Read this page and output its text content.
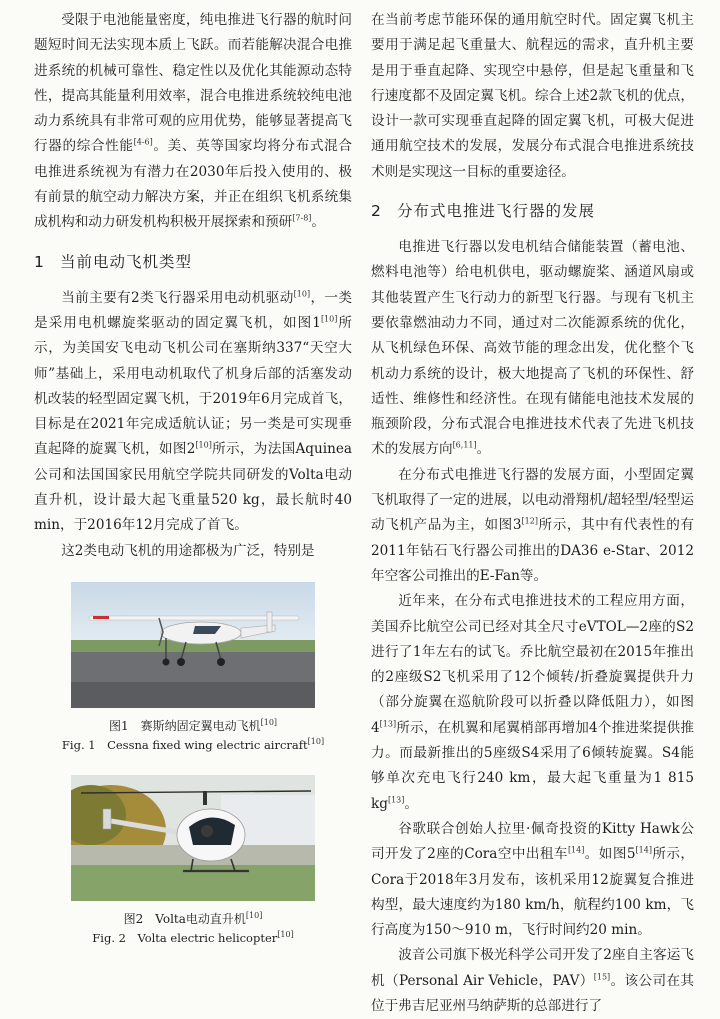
受限于电池能量密度，纯电推进飞行器的航时问题短时间无法实现本质上飞跃。而若能解决混合电推进系统的机械可靠性、稳定性以及优化其能源动态特性，提高其能量利用效率，混合电推进系统较纯电池动力系统具有非常可观的应用优势，能够显著提高飞行器的综合性能[4-6]。美、英等国家均将分布式混合电推进系统视为有潜力在2030年后投入使用的、极有前景的航空动力解决方案，并正在组织飞机系统集成机构和动力研发机构积极开展探索和预研[7-8]。

1 当前电动飞机类型

当前主要有2类飞行器采用电动机驱动[10]，一类是采用电机螺旋桨驱动的固定翼飞机，如图1[10]所示，为美国安飞电动飞机公司在塞斯纳337“天空大师”基础上，采用电动机取代了机身后部的活塞发动机改装的轻型固定翼飞机，于2019年6月完成首飞，目标是在2021年完成适航认证；另一类是可实现垂直起降的旋翼飞机，如图2[10]所示，为法国Aquinea公司和法国国家民用航空学院共同研发的Volta电动直升机，设计最大起飞重量520 kg，最长航时40 min，于2016年12月完成了首飞。

这2类电动飞机的用途都极为广泛，特别是

图1　赛斯纳固定翼电动飞机[10]
Fig. 1　Cessna fixed wing electric aircraft[10]
图2　Volta电动直升机[10]
Fig. 2　Volta electric helicopter[10]

在当前考虑节能环保的通用航空时代。固定翼飞机主要用于满足起飞重量大、航程远的需求，直升机主要是用于垂直起降、实现空中悬停，但是起飞重量和飞行速度都不及固定翼飞机。综合上述2款飞机的优点，设计一款可实现垂直起降的固定翼飞机，可极大促进通用航空技术的发展，发展分布式混合电推进系统技术则是实现这一目标的重要途径。

2 分布式电推进飞行器的发展

电推进飞行器以发电机结合储能装置（蓄电池、燃料电池等）给电机供电，驱动螺旋桨、涵道风扇或其他装置产生飞行动力的新型飞行器。与现有飞机主要依靠燃油动力不同，通过对二次能源系统的优化，从飞机绿色环保、高效节能的理念出发，优化整个飞机动力系统的设计，极大地提高了飞机的环保性、舒适性、维修性和经济性。在现有储能电池技术发展的瓶颈阶段，分布式混合电推进技术代表了先进飞机技术的发展方向[6,11]。

在分布式电推进飞行器的发展方面，小型固定翼飞机取得了一定的进展，以电动滑翔机/超轻型/轻型运动飞机产品为主，如图3[12]所示，其中有代表性的有2011年钻石飞行器公司推出的DA36 e-Star、2012年空客公司推出的E-Fan等。

近年来，在分布式电推进技术的工程应用方面，美国乔比航空公司已经对其全尺寸eVTOL—2座的S2进行了1年左右的试飞。乔比航空最初在2015年推出的2座级S2飞机采用了12个倾转/折叠旋翼提供升力（部分旋翼在巡航阶段可以折叠以降低阻力），如图4[13]所示，在机翼和尾翼梢部再增加4个推进桨提供推力。而最新推出的5座级S4采用了6倾转旋翼。S4能够单次充电飞行240 km，最大起飞重量为1 815 kg[13]。

谷歌联合创始人拉里·佩奇投资的Kitty Hawk公司开发了2座的Cora空中出租车[14]。如图5[14]所示，Cora于2018年3月发布，该机采用12旋翼复合推进构型，最大速度约为180 km/h，航程约100 km，飞行高度为150～910 m，飞行时间约20 min。

波音公司旗下极光科学公司开发了2座自主客运飞机（Personal Air Vehicle，PAV）[15]。该公司在其位于弗吉尼亚州马纳萨斯的总部进行了
